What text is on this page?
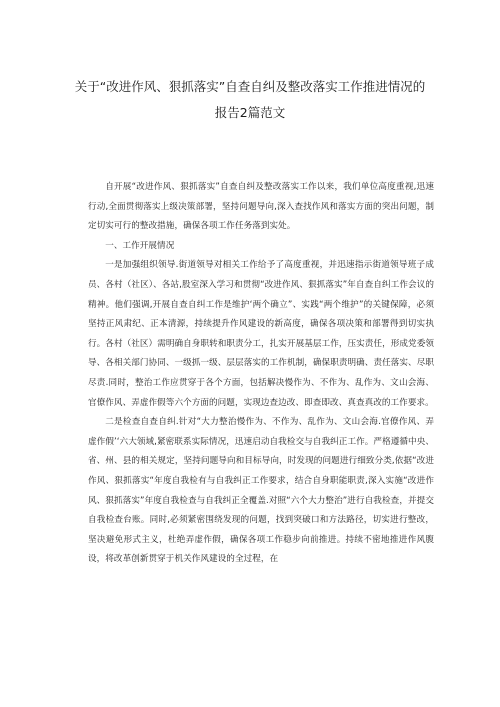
关于“改进作风、狠抓落实”自查自纠及整改落实工作推进情况的
报告2篇范文

自开展“改进作风、狠抓落实”自查自纠及整改落实工作以来，我们单位高度重视,迅速行动,全面贯彻落实上级决策部署，坚持问题导向,深入查找作风和落实方面的突出问题，制定切实可行的整改措施，确保各项工作任务落到实处。

一、工作开展情况

一是加强组织领导.街道领导对相关工作给予了高度重视，并迅速指示街道领导班子成员、各村（社区）、各站,股室深入学习和贯彻“改进作风、狠抓落实”年自查自纠工作会议的精神。他们强调,开展自查自纠工作是维护‘两个确立”、实践“两个维护”的关键保障，必须坚持正风肃纪、正本清源，持续提升作风建设的新高度，确保各项决策和部署得到切实执行。各村（社区）需明确自身职转和职责分工，扎实开展基层工作，压实责任，形成党委领导、各相关部门协同、一级抓一级、层层落实的工作机制，确保职责明确、责任落实、尽职尽责.同时，整治工作应贯穿于各个方面，包括解决慢作为、不作为、乱作为、文山会海、官僚作风、弄虚作假等六个方面的问题，实现边查边改、即查即改、真查真改的工作要求。

二是检查自查自纠.针对“大力整治慢作为、不作为、乱作为、文山会海.官僚作风、弄虚作假’‘六大领域,紧密联系实际情况，迅速启动自我检交与自我纠正工作。严格遵循中央、省、州、县的相关规定，坚持问题导向和目标导向，时发现的问题进行细致分类,依据“改进作风、狠抓落实“年度自我检有与自我纠正工作要求，结合自身职能职责,深入实施“改进作风、狠抓落实”年度自我检查与自我纠正全覆盖.对照“六个大力整治”进行自我检查，并提交自我检查台账。同时,必须紧密围绕发现的问题，找到突破口和方法路径，切实进行整改，坚决避免形式主义，杜绝弄虚作假，确保各项工作稳步向前推进。持续不密地推进作风腹设，将改革创新贯穿于机关作风建设的全过程，在
